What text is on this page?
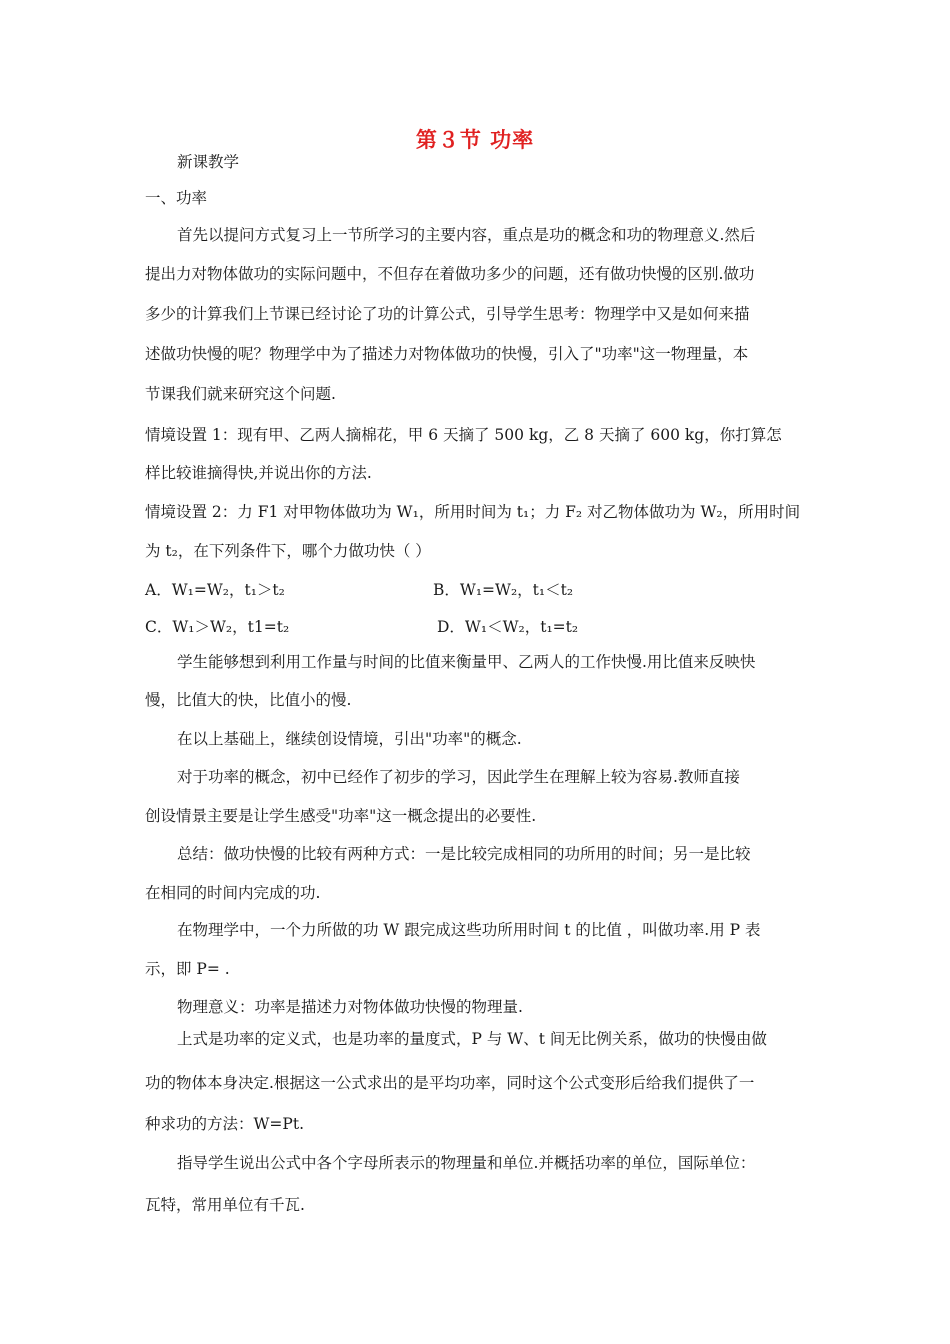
第３节 功率
新课教学
一、功率
首先以提问方式复习上一节所学习的主要内容，重点是功的概念和功的物理意义.然后
提出力对物体做功的实际问题中，不但存在着做功多少的问题，还有做功快慢的区别.做功
多少的计算我们上节课已经讨论了功的计算公式，引导学生思考：物理学中又是如何来描
述做功快慢的呢？物理学中为了描述力对物体做功的快慢，引入了"功率"这一物理量，本
节课我们就来研究这个问题.
情境设置 1：现有甲、乙两人摘棉花，甲 6 天摘了 500 kg，乙 8 天摘了 600 kg，你打算怎
样比较谁摘得快,并说出你的方法.
情境设置 2：力 F1 对甲物体做功为 W₁，所用时间为 t₁；力 F₂ 对乙物体做功为 W₂，所用时间
为 t₂，在下列条件下，哪个力做功快（ ）
A．W₁=W₂，t₁＞t₂	B．W₁=W₂，t₁＜t₂
C．W₁＞W₂，t1=t₂	D．W₁＜W₂，t₁=t₂
学生能够想到利用工作量与时间的比值来衡量甲、乙两人的工作快慢.用比值来反映快
慢，比值大的快，比值小的慢.
在以上基础上，继续创设情境，引出"功率"的概念.
对于功率的概念，初中已经作了初步的学习，因此学生在理解上较为容易.教师直接
创设情景主要是让学生感受"功率"这一概念提出的必要性.
总结：做功快慢的比较有两种方式：一是比较完成相同的功所用的时间；另一是比较
在相同的时间内完成的功.
在物理学中，一个力所做的功 W 跟完成这些功所用时间 t 的比值 ，叫做功率.用 P 表
示，即 P= .
物理意义：功率是描述力对物体做功快慢的物理量.
上式是功率的定义式，也是功率的量度式，P 与 W、t 间无比例关系，做功的快慢由做
功的物体本身决定.根据这一公式求出的是平均功率，同时这个公式变形后给我们提供了一
种求功的方法：W=Pt.
指导学生说出公式中各个字母所表示的物理量和单位.并概括功率的单位，国际单位：
瓦特，常用单位有千瓦.
